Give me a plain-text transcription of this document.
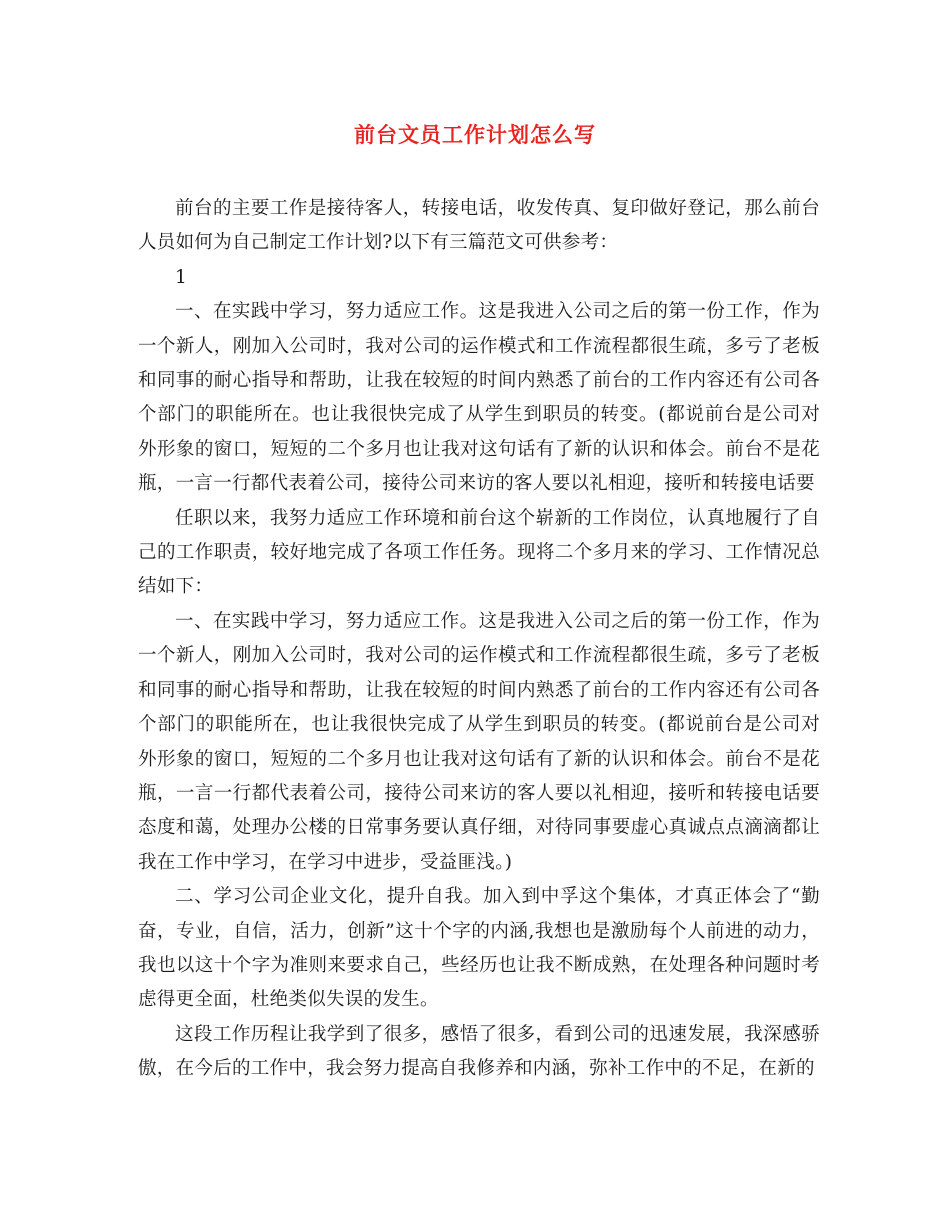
前台文员工作计划怎么写

前台的主要工作是接待客人，转接电话，收发传真、复印做好登记，那么前台人员如何为自己制定工作计划?以下有三篇范文可供参考：

1

一、在实践中学习，努力适应工作。这是我进入公司之后的第一份工作，作为一个新人，刚加入公司时，我对公司的运作模式和工作流程都很生疏，多亏了老板和同事的耐心指导和帮助，让我在较短的时间内熟悉了前台的工作内容还有公司各个部门的职能所在。也让我很快完成了从学生到职员的转变。(都说前台是公司对外形象的窗口，短短的二个多月也让我对这句话有了新的认识和体会。前台不是花瓶，一言一行都代表着公司，接待公司来访的客人要以礼相迎，接听和转接电话要

任职以来，我努力适应工作环境和前台这个崭新的工作岗位，认真地履行了自己的工作职责，较好地完成了各项工作任务。现将二个多月来的学习、工作情况总结如下：

一、在实践中学习，努力适应工作。这是我进入公司之后的第一份工作，作为一个新人，刚加入公司时，我对公司的运作模式和工作流程都很生疏，多亏了老板和同事的耐心指导和帮助，让我在较短的时间内熟悉了前台的工作内容还有公司各个部门的职能所在，也让我很快完成了从学生到职员的转变。(都说前台是公司对外形象的窗口，短短的二个多月也让我对这句话有了新的认识和体会。前台不是花瓶，一言一行都代表着公司，接待公司来访的客人要以礼相迎，接听和转接电话要态度和蔼，处理办公楼的日常事务要认真仔细，对待同事要虚心真诚点点滴滴都让我在工作中学习，在学习中进步，受益匪浅。)

二、学习公司企业文化，提升自我。加入到中孚这个集体，才真正体会了“勤奋，专业，自信，活力，创新”这十个字的内涵,我想也是激励每个人前进的动力，我也以这十个字为准则来要求自己，些经历也让我不断成熟，在处理各种问题时考虑得更全面，杜绝类似失误的发生。

这段工作历程让我学到了很多，感悟了很多，看到公司的迅速发展，我深感骄傲，在今后的工作中，我会努力提高自我修养和内涵，弥补工作中的不足，在新的
